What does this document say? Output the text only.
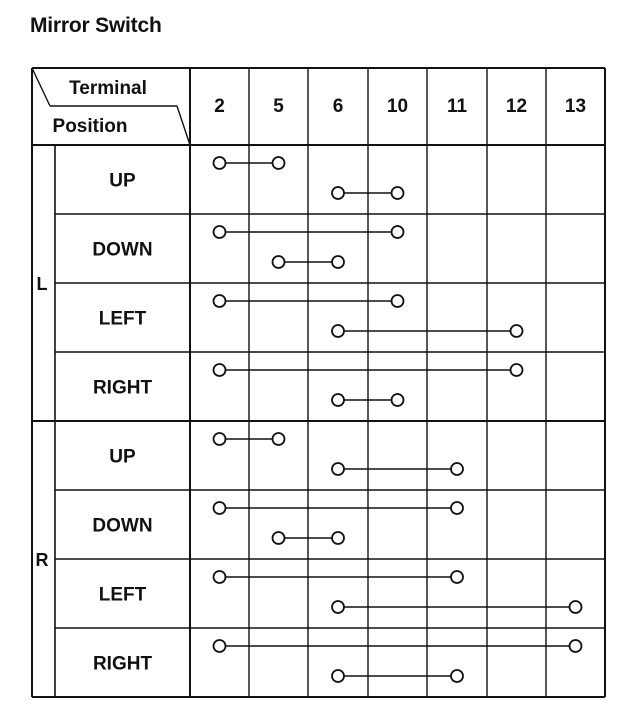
Mirror Switch
Terminal
Position
2	5	6 10 11 12 13
L
UP
DOWN
LEFT
RIGHT
R
UP
DOWN
LEFT
RIGHT
